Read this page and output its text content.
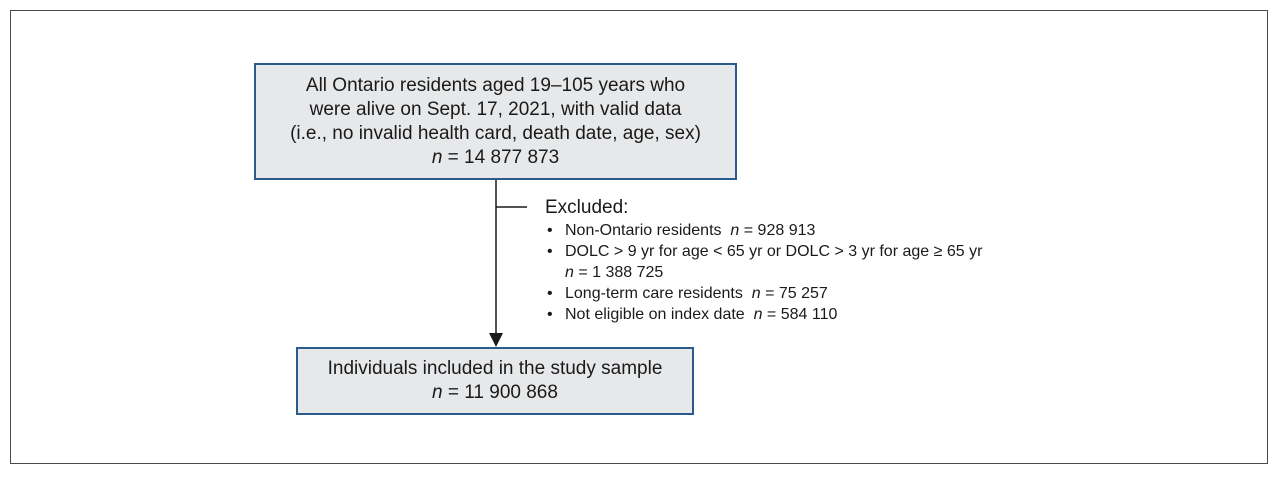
All Ontario residents aged 19–105 years who
were alive on Sept. 17, 2021, with valid data
(i.e., no invalid health card, death date, age, sex)
n = 14 877 873
Excluded:
• Non-Ontario residents n = 928 913
• DOLC > 9 yr for age < 65 yr or DOLC > 3 yr for age ≥ 65 yr
n = 1 388 725
• Long-term care residents n = 75 257
• Not eligible on index date n = 584 110
Individuals included in the study sample
n = 11 900 868
